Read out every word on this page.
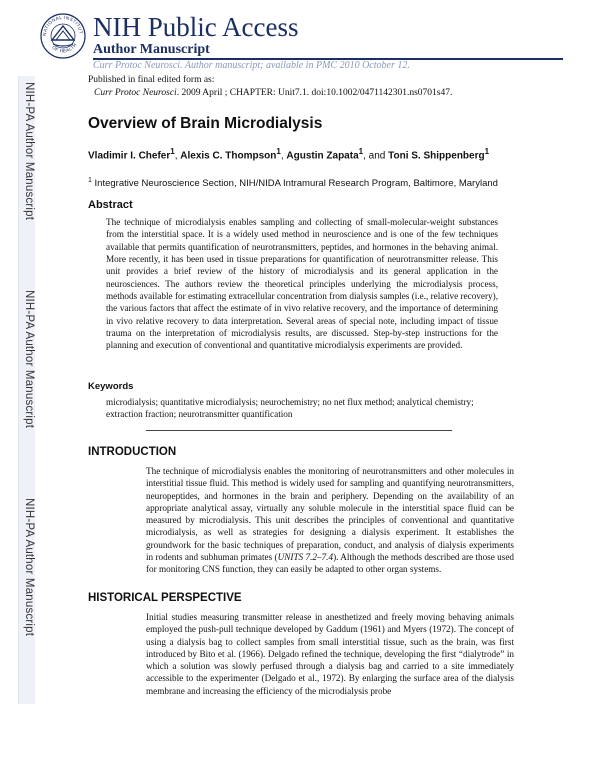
NATIONAL INSTITUT
OF HEALTH
NIH Public Access
Author Manuscript
Curr Protoc Neurosci. Author manuscript; available in PMC 2010 October 12.
NIH-PA Author Manuscript
NIH-PA Author Manuscript
NIH-PA Author Manuscript
Published in final edited form as:
Curr Protoc Neurosci. 2009 April ; CHAPTER: Unit7.1. doi:10.1002/0471142301.ns0701s47.
Overview of Brain Microdialysis
Vladimir I. Chefer$^1$, Alexis C. Thompson$^1$, Agustin Zapata$^1$, and Toni S. Shippenberg$^1$
$^1$ Integrative Neuroscience Section, NIH/NIDA Intramural Research Program, Baltimore, Maryland
Abstract

The technique of microdialysis enables sampling and collecting of small-molecular-weight substances from the interstitial space. It is a widely used method in neuroscience and is one of the few techniques available that permits quantification of neurotransmitters, peptides, and hormones in the behaving animal. More recently, it has been used in tissue preparations for quantification of neurotransmitter release. This unit provides a brief review of the history of microdialysis and its general application in the neurosciences. The authors review the theoretical principles underlying the microdialysis process, methods available for estimating extracellular concentration from dialysis samples (i.e., relative recovery), the various factors that affect the estimate of in vivo relative recovery, and the importance of determining in vivo relative recovery to data interpretation. Several areas of special note, including impact of tissue trauma on the interpretation of microdialysis results, are discussed. Step-by-step instructions for the planning and execution of conventional and quantitative microdialysis experiments are provided.

Keywords

microdialysis; quantitative microdialysis; neurochemistry; no net flux method; analytical chemistry; extraction fraction; neurotransmitter quantification

INTRODUCTION

The technique of microdialysis enables the monitoring of neurotransmitters and other molecules in interstitial tissue fluid. This method is widely used for sampling and quantifying neurotransmitters, neuropeptides, and hormones in the brain and periphery. Depending on the availability of an appropriate analytical assay, virtually any soluble molecule in the interstitial space fluid can be measured by microdialysis. This unit describes the principles of conventional and quantitative microdialysis, as well as strategies for designing a dialysis experiment. It establishes the groundwork for the basic techniques of preparation, conduct, and analysis of dialysis experiments in rodents and subhuman primates (UNITS 7.2–7.4). Although the methods described are those used for monitoring CNS function, they can easily be adapted to other organ systems.

HISTORICAL PERSPECTIVE

Initial studies measuring transmitter release in anesthetized and freely moving behaving animals employed the push-pull technique developed by Gaddum (1961) and Myers (1972). The concept of using a dialysis bag to collect samples from small interstitial tissue, such as the brain, was first introduced by Bito et al. (1966). Delgado refined the technique, developing the first “dialytrode” in which a solution was slowly perfused through a dialysis bag and carried to a site immediately accessible to the experimenter (Delgado et al., 1972). By enlarging the surface area of the dialysis membrane and increasing the efficiency of the microdialysis probe
